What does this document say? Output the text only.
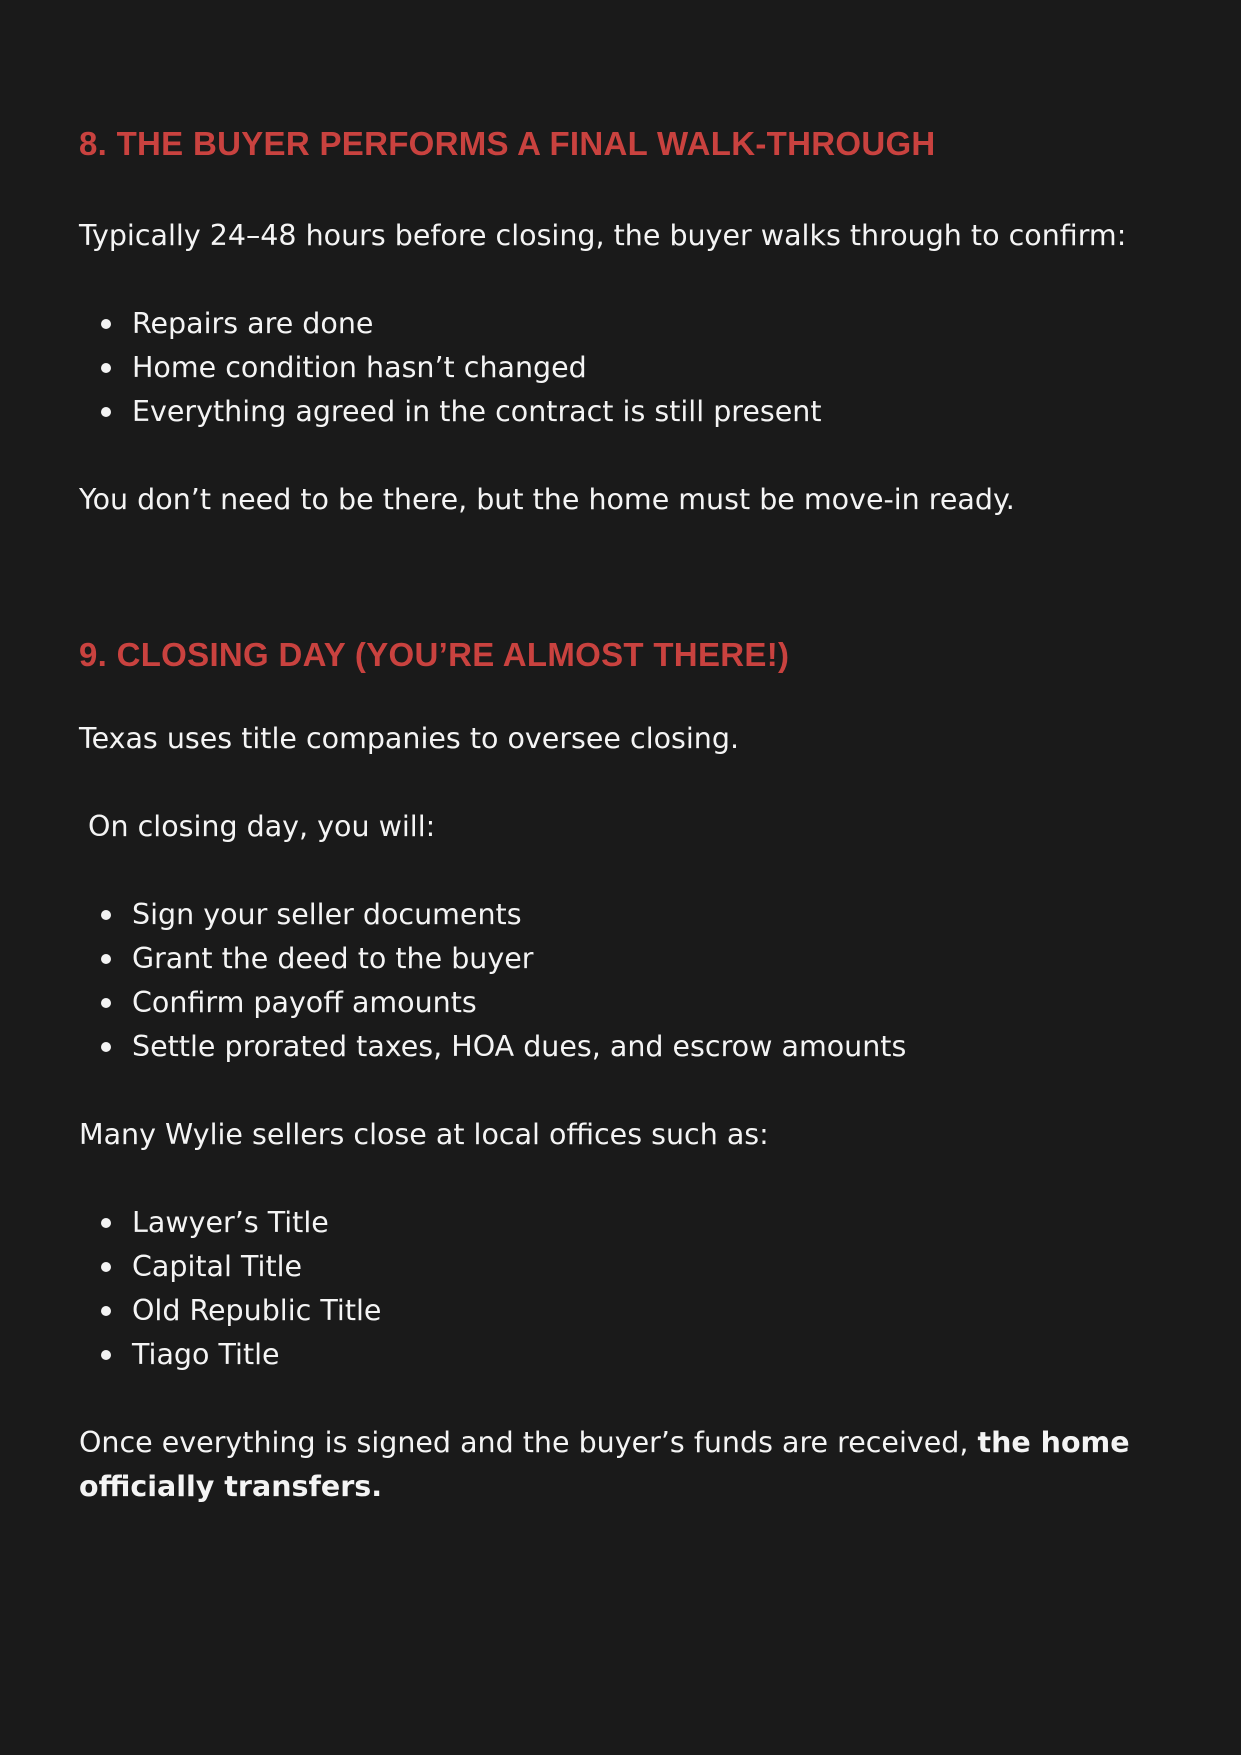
8. THE BUYER PERFORMS A FINAL WALK-THROUGH

Typically 24–48 hours before closing, the buyer walks through to confirm:

Repairs are done
Home condition hasn’t changed
Everything agreed in the contract is still present

You don’t need to be there, but the home must be move-in ready.

9. CLOSING DAY (YOU’RE ALMOST THERE!)

Texas uses title companies to oversee closing.

On closing day, you will:

Sign your seller documents
Grant the deed to the buyer
Confirm payoff amounts
Settle prorated taxes, HOA dues, and escrow amounts

Many Wylie sellers close at local offices such as:

Lawyer’s Title
Capital Title
Old Republic Title
Tiago Title

Once everything is signed and the buyer’s funds are received, the home officially transfers.
